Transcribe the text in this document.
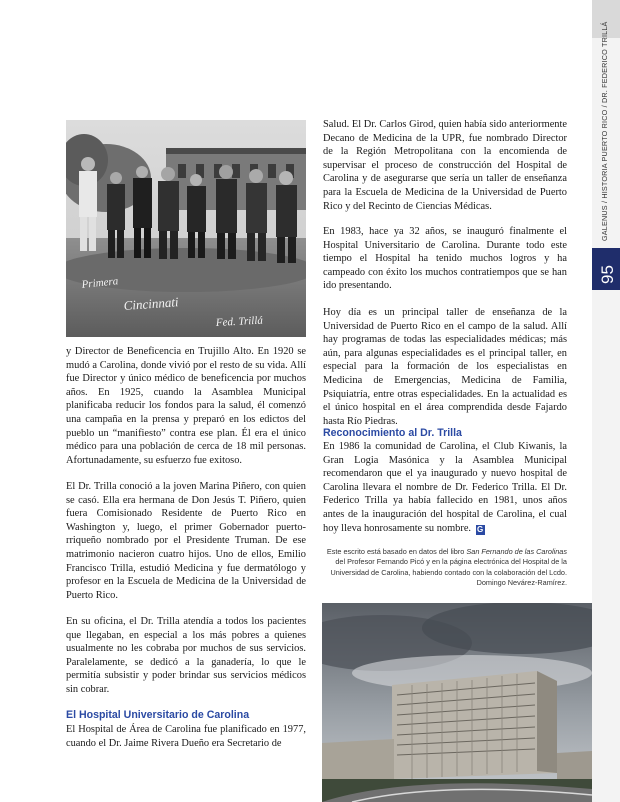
GALENUS / HISTORIA PUERTO RICO / DR. FEDERICO TRILLÁ
95
Primera
Cincinnati
Fed. Trillá

y Director de Beneficencia en Trujillo Alto. En 1920 se mudó a Carolina, donde vivió por el resto de su vida. Allí fue Director y único médico de beneficencia por muchos años. En 1925, cuando la Asamblea Municipal planificaba reducir los fondos para la salud, él comenzó una campaña en la prensa y preparó en los edictos del pueblo un “manifiesto” contra ese plan. Él era el único médico para una población de cerca de 18 mil personas. Afortunadamente, su esfuerzo fue exitoso.

El Dr. Trilla conoció a la joven Marina Piñero, con quien se casó. Ella era hermana de Don Jesús T. Piñero, quien fuera Comisionado Residente de Puerto Rico en Washington y, luego, el primer Gobernador puerto-rriqueño nombrado por el Presidente Truman. De ese matrimonio nacieron cuatro hijos. Uno de ellos, Emilio Francisco Trilla, estudió Medicina y fue dermatólogo y profesor en la Escuela de Medicina de la Universidad de Puerto Rico.

En su oficina, el Dr. Trilla atendía a todos los pacientes que llegaban, en especial a los más pobres a quienes usualmente no les cobraba por muchos de sus servicios. Paralelamente, se dedicó a la ganadería, lo que le permitía subsistir y poder brindar sus servicios médicos sin cobrar.

El Hospital Universitario de Carolina

El Hospital de Área de Carolina fue planificado en 1977, cuando el Dr. Jaime Rivera Dueño era Secretario de

Salud. El Dr. Carlos Girod, quien había sido anteriormente Decano de Medicina de la UPR, fue nombrado Director de la Región Metropolitana con la encomienda de supervisar el proceso de construcción del Hospital de Carolina y de asegurarse que sería un taller de enseñanza para la Escuela de Medicina de la Universidad de Puerto Rico y del Recinto de Ciencias Médicas.

En 1983, hace ya 32 años, se inauguró finalmente el Hospital Universitario de Carolina. Durante todo este tiempo el Hospital ha tenido muchos logros y ha campeado con éxito los muchos contratiempos que se han ido presentando.

Hoy día es un principal taller de enseñanza de la Universidad de Puerto Rico en el campo de la salud. Allí hay programas de todas las especialidades médicas; más aún, para algunas especialidades es el principal taller, en especial para la formación de los especialistas en Medicina de Emergencias, Medicina de Familia, Psiquiatría, entre otras especialidades. En la actualidad es el único hospital en el área comprendida desde Fajardo hasta Río Piedras.

Reconocimiento al Dr. Trilla

En 1986 la comunidad de Carolina, el Club Kiwanis, la Gran Logia Masónica y la Asamblea Municipal recomendaron que el ya inaugurado y nuevo hospital de Carolina llevara el nombre de Dr. Federico Trilla. El Dr. Federico Trilla ya había fallecido en 1981, unos años antes de la inauguración del hospital de Carolina, el cual hoy lleva honrosamente su nombre. G

Este escrito está basado en datos del libro San Fernando de las Carolinas del Profesor Fernando Picó y en la página electrónica del Hospital de la Universidad de Carolina, habiendo contado con la colaboración del Lcdo. Domingo Nevárez-Ramírez.
